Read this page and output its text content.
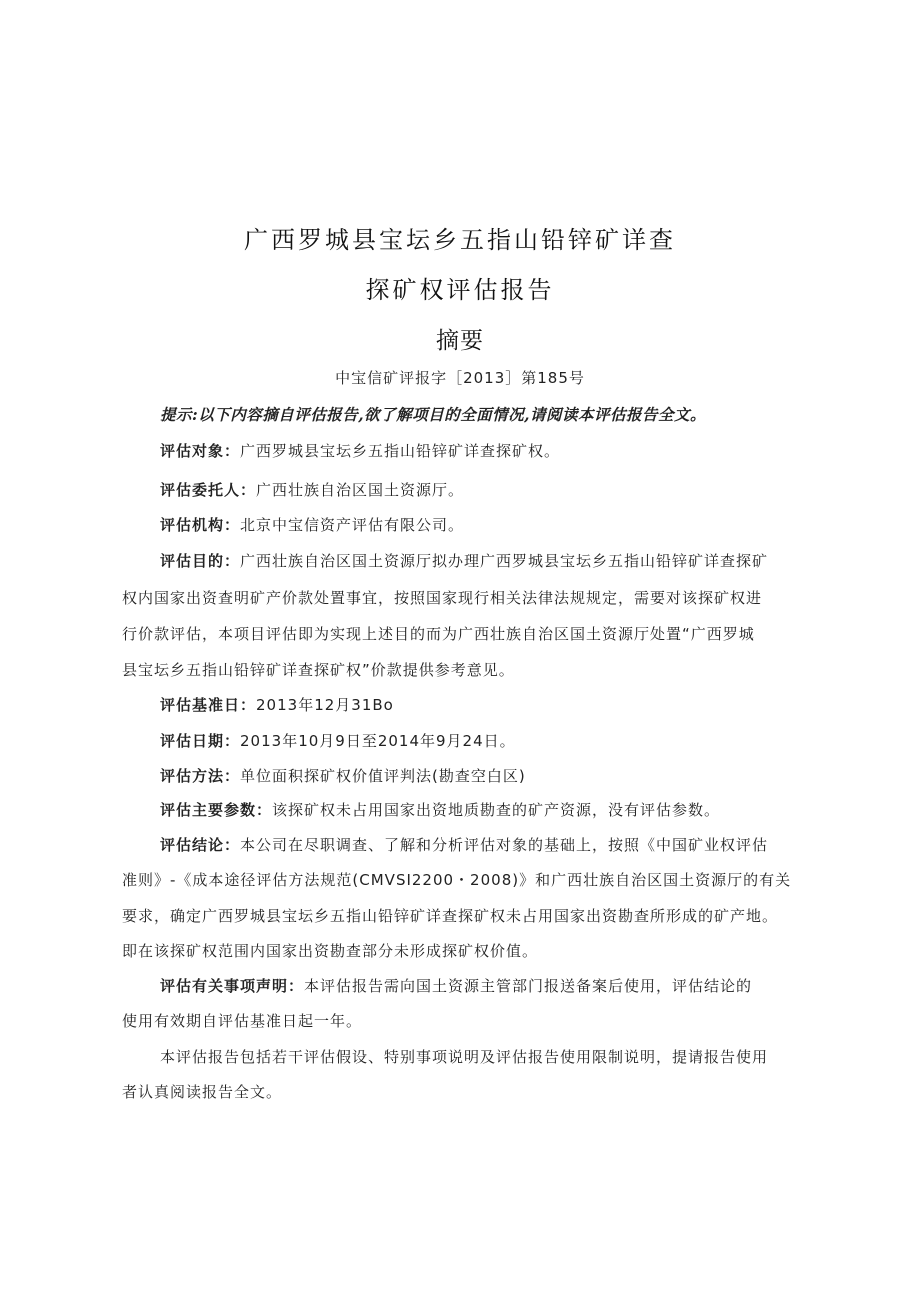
广西罗城县宝坛乡五指山铅锌矿详查
探矿权评估报告
摘要
中宝信矿评报字［2013］第185号
提示:以下内容摘自评估报告,欲了解项目的全面情况,请阅读本评估报告全文。
评估对象：广西罗城县宝坛乡五指山铅锌矿详查探矿权。
评估委托人：广西壮族自治区国土资源厅。
评估机构：北京中宝信资产评估有限公司。
评估目的：广西壮族自治区国土资源厅拟办理广西罗城县宝坛乡五指山铅锌矿详查探矿
权内国家出资查明矿产价款处置事宜，按照国家现行相关法律法规规定，需要对该探矿权进
行价款评估，本项目评估即为实现上述目的而为广西壮族自治区国土资源厅处置“广西罗城
县宝坛乡五指山铅锌矿详查探矿权”价款提供参考意见。
评估基准日：2013年12月31Bo
评估日期：2013年10月9日至2014年9月24日。
评估方法：单位面积探矿权价值评判法(勘查空白区)
评估主要参数：该探矿权未占用国家出资地质勘查的矿产资源，没有评估参数。
评估结论：本公司在尽职调查、了解和分析评估对象的基础上，按照《中国矿业权评估
准则》-《成本途径评估方法规范(CMVSI2200・2008)》和广西壮族自治区国土资源厅的有关
要求，确定广西罗城县宝坛乡五指山铅锌矿详查探矿权未占用国家出资勘查所形成的矿产地。
即在该探矿权范围内国家出资勘查部分未形成探矿权价值。
评估有关事项声明：本评估报告需向国土资源主管部门报送备案后使用，评估结论的
使用有效期自评估基准日起一年。
本评估报告包括若干评估假设、特别事项说明及评估报告使用限制说明，提请报告使用
者认真阅读报告全文。
